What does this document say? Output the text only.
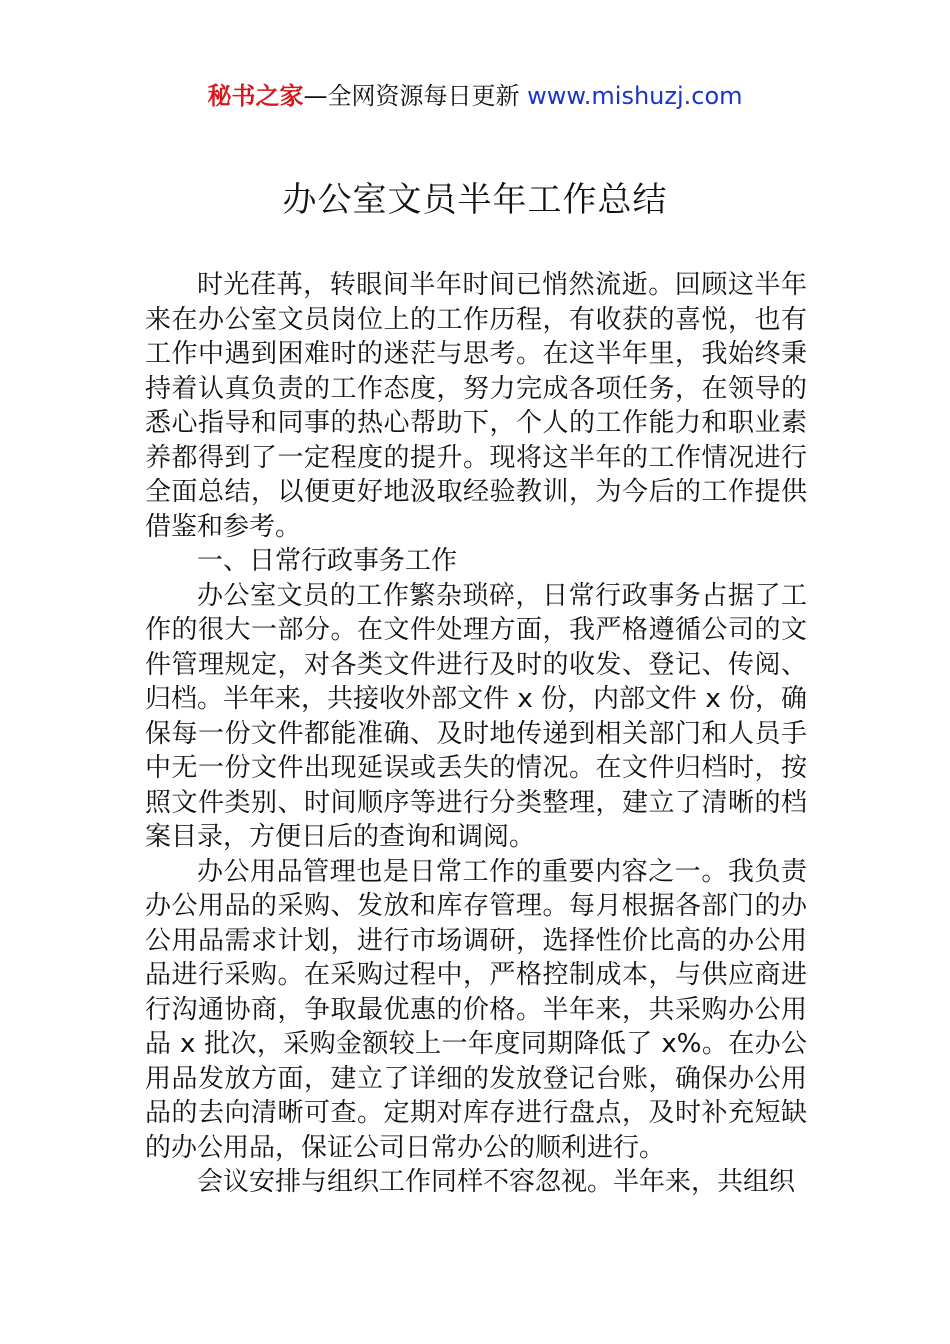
秘书之家—全网资源每日更新 www.mishuzj.com
办公室文员半年工作总结

时光荏苒，转眼间半年时间已悄然流逝。回顾这半年来在办公室文员岗位上的工作历程，有收获的喜悦，也有工作中遇到困难时的迷茫与思考。在这半年里，我始终秉持着认真负责的工作态度，努力完成各项任务，在领导的悉心指导和同事的热心帮助下，个人的工作能力和职业素养都得到了一定程度的提升。现将这半年的工作情况进行全面总结，以便更好地汲取经验教训，为今后的工作提供借鉴和参考。

一、日常行政事务工作

办公室文员的工作繁杂琐碎，日常行政事务占据了工作的很大一部分。在文件处理方面，我严格遵循公司的文件管理规定，对各类文件进行及时的收发、登记、传阅、归档。半年来，共接收外部文件 x 份，内部文件 x 份，确保每一份文件都能准确、及时地传递到相关部门和人员手中无一份文件出现延误或丢失的情况。在文件归档时，按照文件类别、时间顺序等进行分类整理，建立了清晰的档案目录，方便日后的查询和调阅。

办公用品管理也是日常工作的重要内容之一。我负责办公用品的采购、发放和库存管理。每月根据各部门的办公用品需求计划，进行市场调研，选择性价比高的办公用品进行采购。在采购过程中，严格控制成本，与供应商进行沟通协商，争取最优惠的价格。半年来，共采购办公用品 x 批次，采购金额较上一年度同期降低了 x%。在办公用品发放方面，建立了详细的发放登记台账，确保办公用品的去向清晰可查。定期对库存进行盘点，及时补充短缺的办公用品，保证公司日常办公的顺利进行。

会议安排与组织工作同样不容忽视。半年来，共组织
